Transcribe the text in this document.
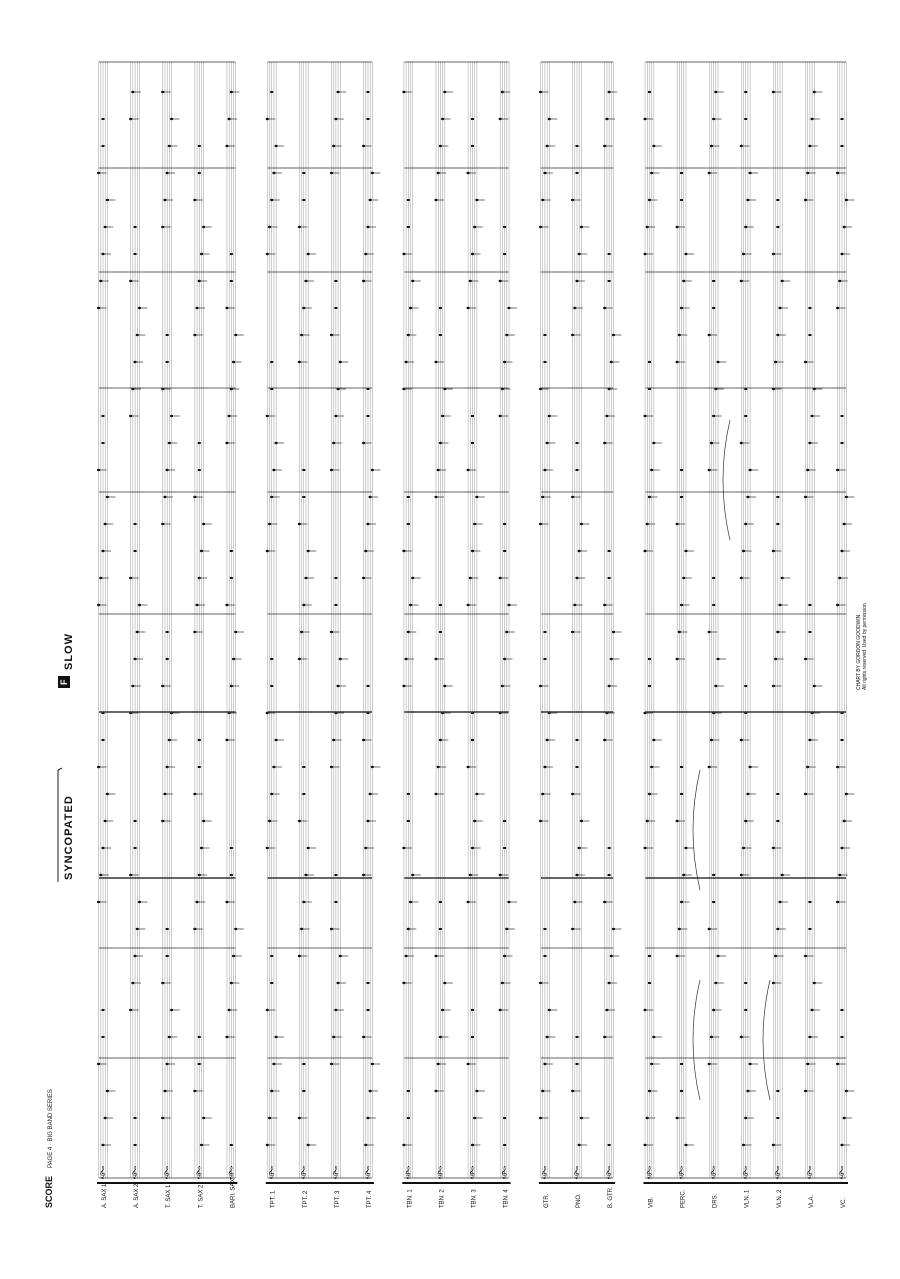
SCORE
PAGE 4 · BIG BAND SERIES
SYNCOPATED
F
SLOW	CHART BY GORDON GOODWIN All rights reserved. Used by permission.
𝄞 𝄞 𝄞 𝄞 𝄞	𝄞 𝄞 𝄞 𝄞	𝄞 𝄞 𝄞 𝄞	𝄞 𝄞 𝄞	𝄞 𝄞 𝄞 𝄞 𝄞 𝄞 𝄞
A. SAX 1	A. SAX 2	T. SAX 1	T. SAX 2	BARI. SAX	TPT. 1	TPT. 2	TPT. 3	TPT. 4	TBN. 1	TBN. 2	TBN. 3	TBN. 4	GTR.	PNO.	B. GTR.	VIB.	PERC.	DRS.	VLN. 1	VLN. 2	VLA.	VC.
